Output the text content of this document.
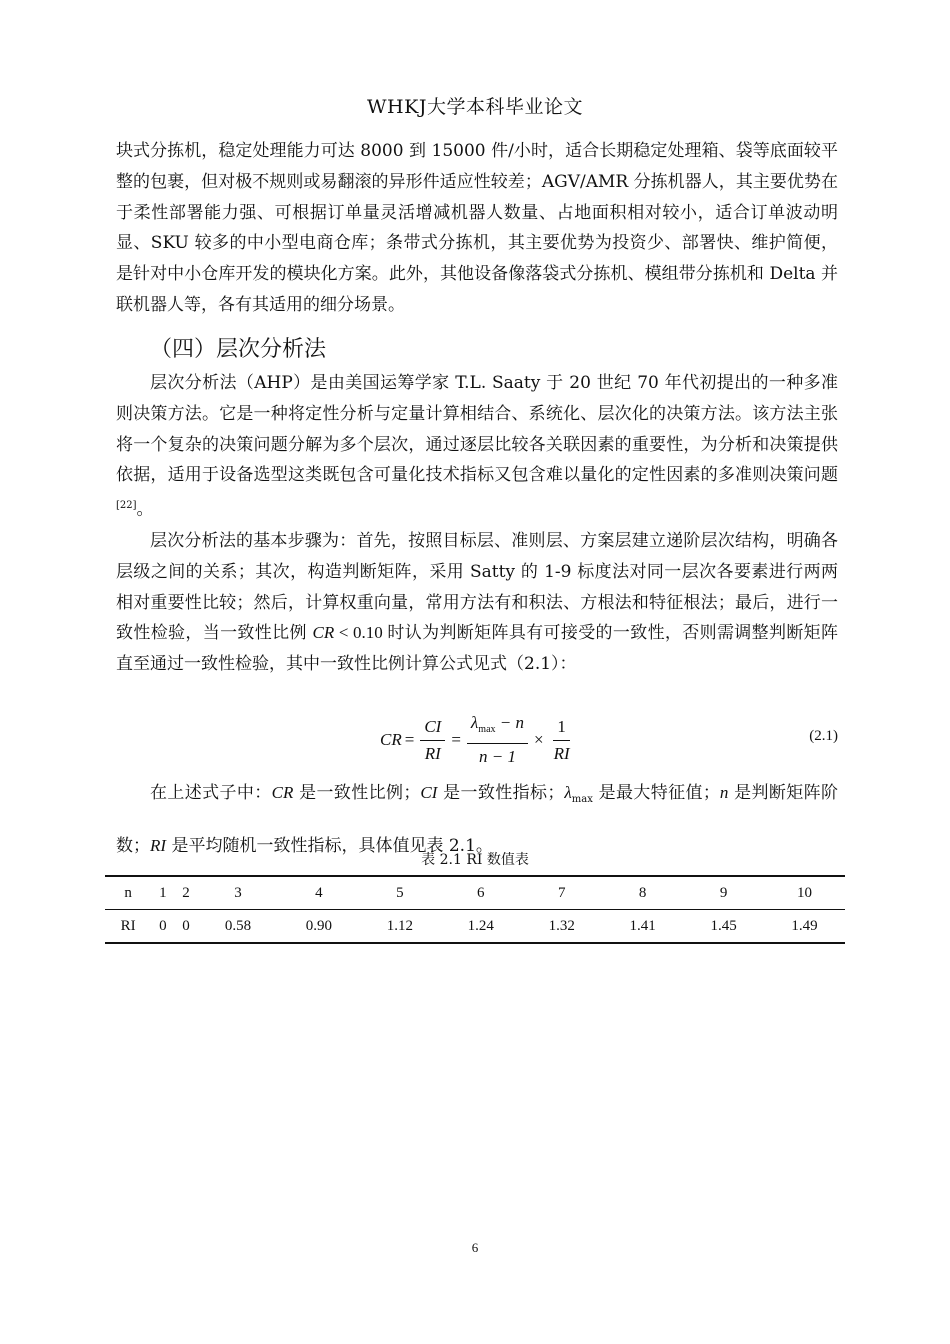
WHKJ大学本科毕业论文

块式分拣机，稳定处理能力可达 8000 到 15000 件/小时，适合长期稳定处理箱、袋等底面较平整的包裹，但对极不规则或易翻滚的异形件适应性较差；AGV/AMR 分拣机器人，其主要优势在于柔性部署能力强、可根据订单量灵活增减机器人数量、占地面积相对较小，适合订单波动明显、SKU 较多的中小型电商仓库；条带式分拣机，其主要优势为投资少、部署快、维护简便，是针对中小仓库开发的模块化方案。此外，其他设备像落袋式分拣机、模组带分拣机和 Delta 并联机器人等，各有其适用的细分场景。

（四）层次分析法

层次分析法（AHP）是由美国运筹学家 T.L. Saaty 于 20 世纪 70 年代初提出的一种多准则决策方法。它是一种将定性分析与定量计算相结合、系统化、层次化的决策方法。该方法主张将一个复杂的决策问题分解为多个层次，通过逐层比较各关联因素的重要性，为分析和决策提供依据，适用于设备选型这类既包含可量化技术指标又包含难以量化的定性因素的多准则决策问题[22]。

层次分析法的基本步骤为：首先，按照目标层、准则层、方案层建立递阶层次结构，明确各层级之间的关系；其次，构造判断矩阵，采用 Satty 的 1-9 标度法对同一层次各要素进行两两相对重要性比较；然后，计算权重向量，常用方法有和积法、方根法和特征根法；最后，进行一致性检验，当一致性比例 CR < 0.10 时认为判断矩阵具有可接受的一致性，否则需调整判断矩阵直至通过一致性检验，其中一致性比例计算公式见式（2.1）：

CR = $\frac{CI}{RI} = \frac{\lambda_{max} - n}{n - 1} \times \frac{1}{RI}$	(2.1)

在上述式子中：CR 是一致性比例；CI 是一致性指标；$\lambda_{max}$ 是最大特征值；n 是判断矩阵阶数；RI 是平均随机一致性指标，具体值见表 2.1。

表 2.1 RI 数值表
n	1	2	3	4	5	6	7	8	9	10
RI	0	0	0.58	0.90	1.12	1.24	1.32	1.41	1.45	1.49
6
